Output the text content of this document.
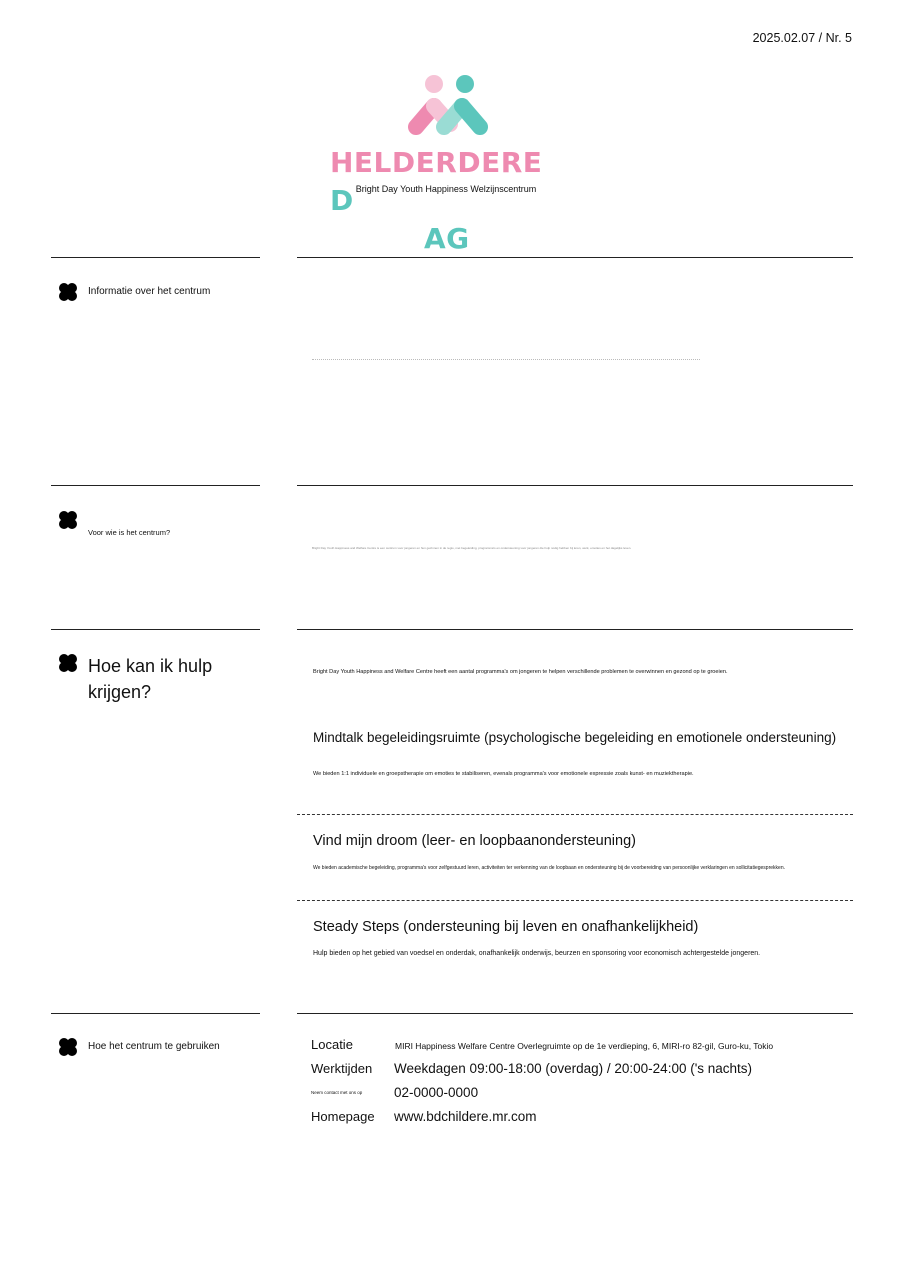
2025.02.07 / Nr. 5
HELDERDERE D
AG
Bright Day Youth Happiness Welzijnscentrum
Informatie over het centrum
Voor wie is het centrum?
Bright Day Youth Happiness and Welfare Centre is een centrum voor jongeren en hun gezinnen in de regio, met begeleiding, programma's en ondersteuning voor jongeren die hulp nodig hebben bij leren, werk, emoties en het dagelijks leven.
Hoe kan ik hulp krijgen?
Bright Day Youth Happiness and Welfare Centre heeft een aantal programma's om jongeren te helpen verschillende problemen te overwinnen en gezond op te groeien.
Mindtalk begeleidingsruimte (psychologische begeleiding en emotionele ondersteuning)
We bieden 1:1 individuele en groepstherapie om emoties te stabiliseren, evenals programma's voor emotionele expressie zoals kunst- en muziektherapie.
Vind mijn droom (leer- en loopbaanondersteuning)
We bieden academische begeleiding, programma's voor zelfgestuurd leren, activiteiten ter verkenning van de loopbaan en ondersteuning bij de voorbereiding van persoonlijke verklaringen en sollicitatiegesprekken.
Steady Steps (ondersteuning bij leven en onafhankelijkheid)
Hulp bieden op het gebied van voedsel en onderdak, onafhankelijk onderwijs, beurzen en sponsoring voor economisch achtergestelde jongeren.
Hoe het centrum te gebruiken	Locatie	MIRI Happiness Welfare Centre Overlegruimte op de 1e verdieping, 6, MIRI-ro 82-gil, Guro-ku, Tokio
Werktijden	Weekdagen 09:00-18:00 (overdag) / 20:00-24:00 ('s nachts)
Neem contact met ons op	02-0000-0000
Homepage	www.bdchildere.mr.com
